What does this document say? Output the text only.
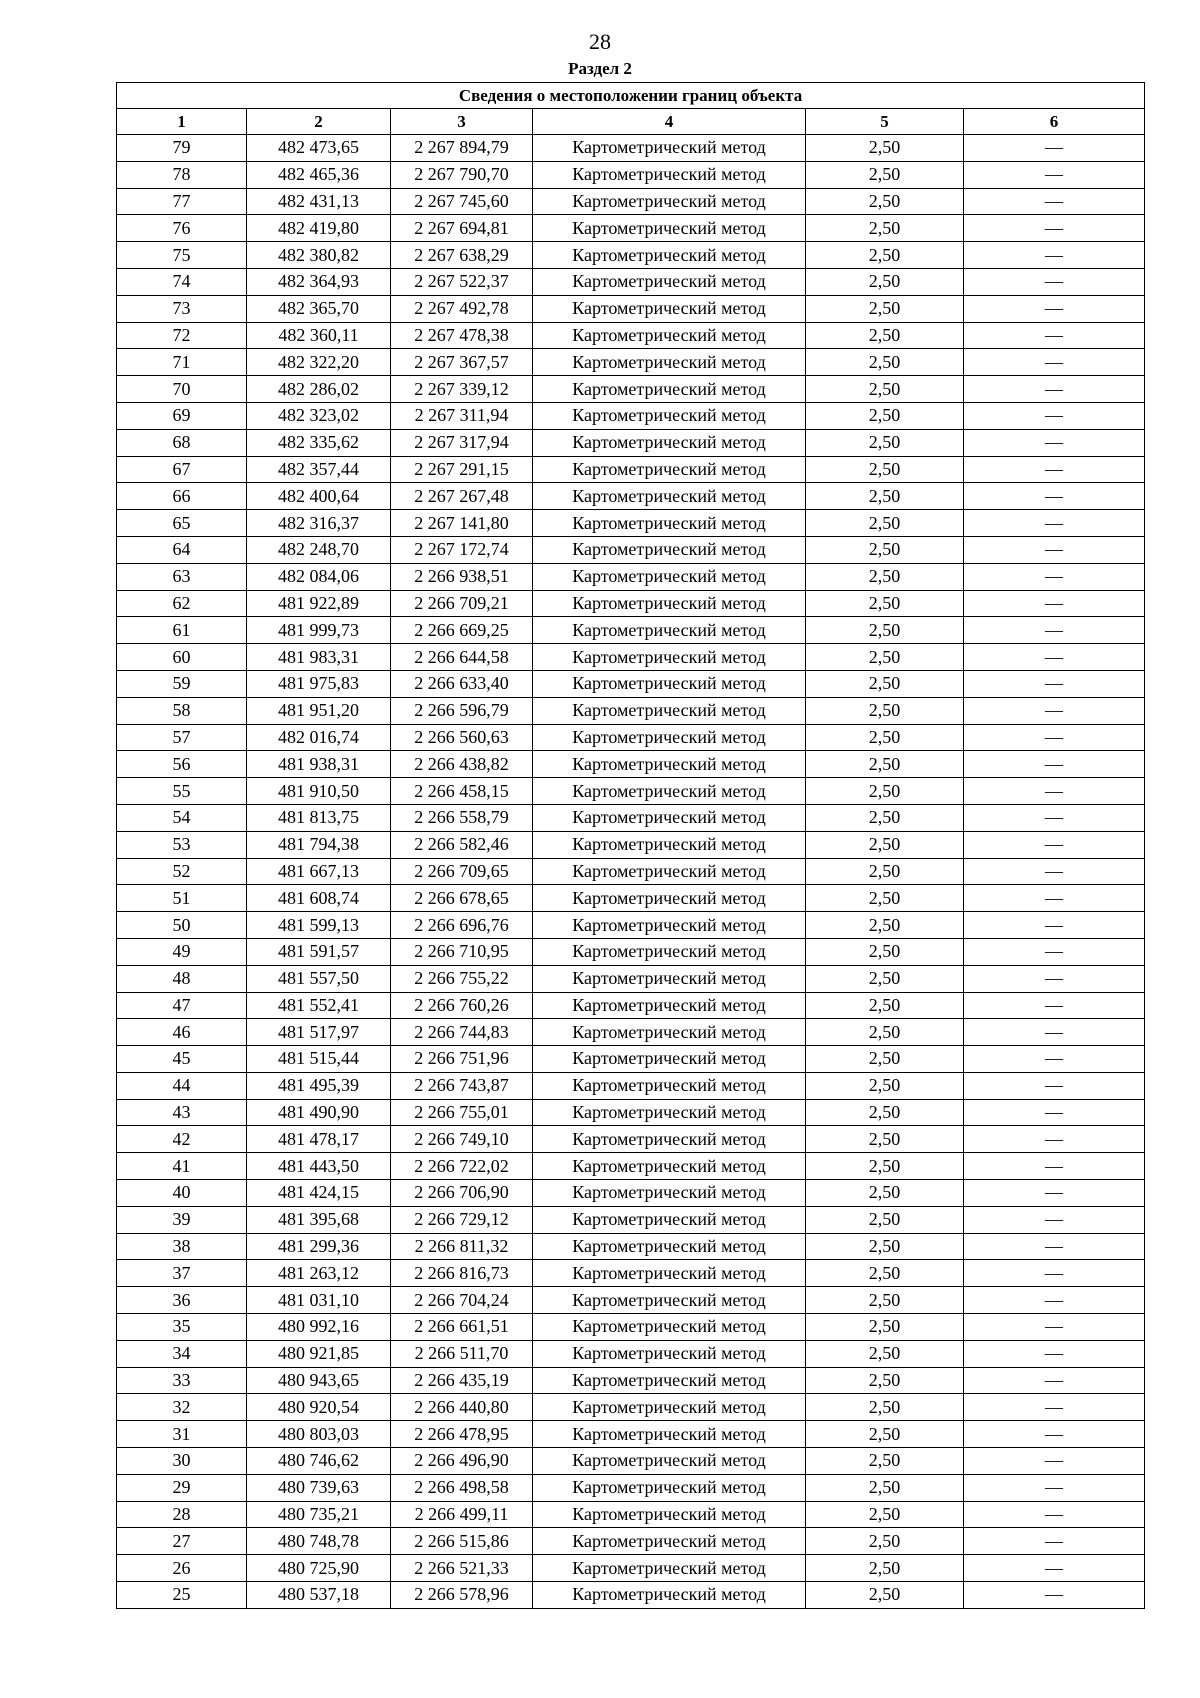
28
Раздел 2
Сведения о местоположении границ объекта					
1	2	3	4	5	6
79	482 473,65	2 267 894,79	Картометрический метод	2,50	—
78	482 465,36	2 267 790,70	Картометрический метод	2,50	—
77	482 431,13	2 267 745,60	Картометрический метод	2,50	—
76	482 419,80	2 267 694,81	Картометрический метод	2,50	—
75	482 380,82	2 267 638,29	Картометрический метод	2,50	—
74	482 364,93	2 267 522,37	Картометрический метод	2,50	—
73	482 365,70	2 267 492,78	Картометрический метод	2,50	—
72	482 360,11	2 267 478,38	Картометрический метод	2,50	—
71	482 322,20	2 267 367,57	Картометрический метод	2,50	—
70	482 286,02	2 267 339,12	Картометрический метод	2,50	—
69	482 323,02	2 267 311,94	Картометрический метод	2,50	—
68	482 335,62	2 267 317,94	Картометрический метод	2,50	—
67	482 357,44	2 267 291,15	Картометрический метод	2,50	—
66	482 400,64	2 267 267,48	Картометрический метод	2,50	—
65	482 316,37	2 267 141,80	Картометрический метод	2,50	—
64	482 248,70	2 267 172,74	Картометрический метод	2,50	—
63	482 084,06	2 266 938,51	Картометрический метод	2,50	—
62	481 922,89	2 266 709,21	Картометрический метод	2,50	—
61	481 999,73	2 266 669,25	Картометрический метод	2,50	—
60	481 983,31	2 266 644,58	Картометрический метод	2,50	—
59	481 975,83	2 266 633,40	Картометрический метод	2,50	—
58	481 951,20	2 266 596,79	Картометрический метод	2,50	—
57	482 016,74	2 266 560,63	Картометрический метод	2,50	—
56	481 938,31	2 266 438,82	Картометрический метод	2,50	—
55	481 910,50	2 266 458,15	Картометрический метод	2,50	—
54	481 813,75	2 266 558,79	Картометрический метод	2,50	—
53	481 794,38	2 266 582,46	Картометрический метод	2,50	—
52	481 667,13	2 266 709,65	Картометрический метод	2,50	—
51	481 608,74	2 266 678,65	Картометрический метод	2,50	—
50	481 599,13	2 266 696,76	Картометрический метод	2,50	—
49	481 591,57	2 266 710,95	Картометрический метод	2,50	—
48	481 557,50	2 266 755,22	Картометрический метод	2,50	—
47	481 552,41	2 266 760,26	Картометрический метод	2,50	—
46	481 517,97	2 266 744,83	Картометрический метод	2,50	—
45	481 515,44	2 266 751,96	Картометрический метод	2,50	—
44	481 495,39	2 266 743,87	Картометрический метод	2,50	—
43	481 490,90	2 266 755,01	Картометрический метод	2,50	—
42	481 478,17	2 266 749,10	Картометрический метод	2,50	—
41	481 443,50	2 266 722,02	Картометрический метод	2,50	—
40	481 424,15	2 266 706,90	Картометрический метод	2,50	—
39	481 395,68	2 266 729,12	Картометрический метод	2,50	—
38	481 299,36	2 266 811,32	Картометрический метод	2,50	—
37	481 263,12	2 266 816,73	Картометрический метод	2,50	—
36	481 031,10	2 266 704,24	Картометрический метод	2,50	—
35	480 992,16	2 266 661,51	Картометрический метод	2,50	—
34	480 921,85	2 266 511,70	Картометрический метод	2,50	—
33	480 943,65	2 266 435,19	Картометрический метод	2,50	—
32	480 920,54	2 266 440,80	Картометрический метод	2,50	—
31	480 803,03	2 266 478,95	Картометрический метод	2,50	—
30	480 746,62	2 266 496,90	Картометрический метод	2,50	—
29	480 739,63	2 266 498,58	Картометрический метод	2,50	—
28	480 735,21	2 266 499,11	Картометрический метод	2,50	—
27	480 748,78	2 266 515,86	Картометрический метод	2,50	—
26	480 725,90	2 266 521,33	Картометрический метод	2,50	—
25	480 537,18	2 266 578,96	Картометрический метод	2,50	—
